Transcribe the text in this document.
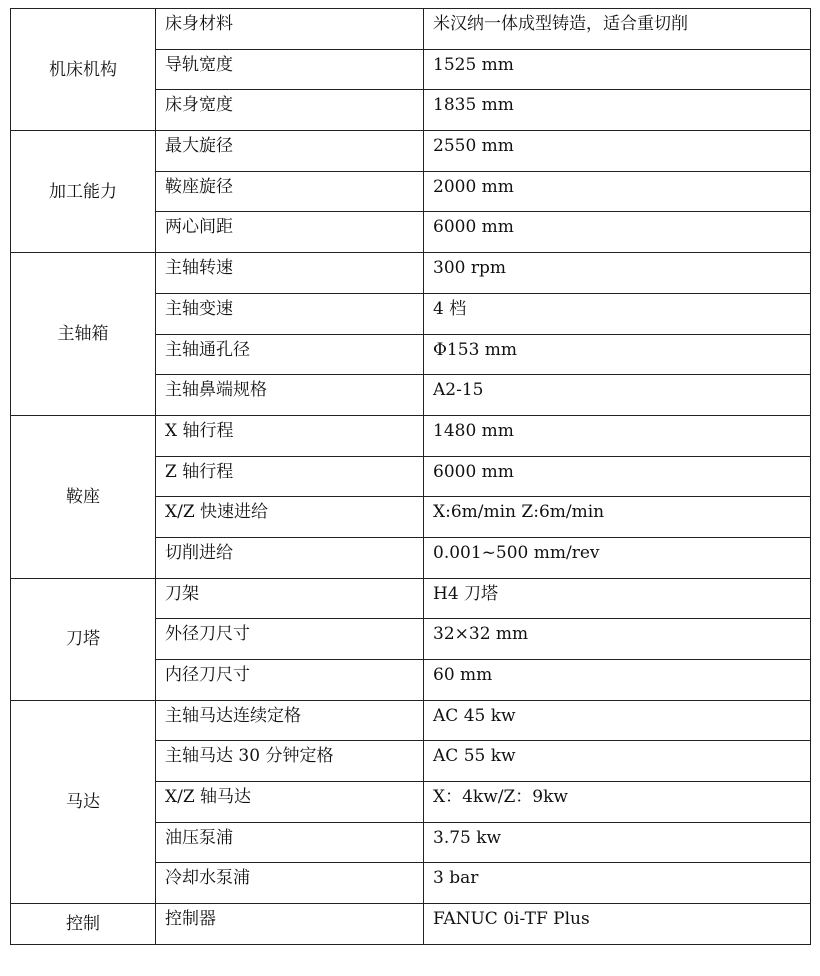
机床机构	床身材料	米汉纳一体成型铸造，适合重切削
	导轨宽度	1525 mm
	床身宽度	1835 mm
加工能力	最大旋径	2550 mm
	鞍座旋径	2000 mm
	两心间距	6000 mm
主轴箱	主轴转速	300 rpm
	主轴变速	4 档
	主轴通孔径	Φ153 mm
	主轴鼻端规格	A2-15
鞍座	X 轴行程	1480 mm
	Z 轴行程	6000 mm
	X/Z 快速进给	X:6m/min Z:6m/min
	切削进给	0.001~500 mm/rev
刀塔	刀架	H4 刀塔
	外径刀尺寸	32×32 mm
	内径刀尺寸	60 mm
马达	主轴马达连续定格	AC 45 kw
	主轴马达 30 分钟定格	AC 55 kw
	X/Z 轴马达	X：4kw/Z：9kw
	油压泵浦	3.75 kw
	冷却水泵浦	3 bar
控制	控制器	FANUC 0i-TF Plus
